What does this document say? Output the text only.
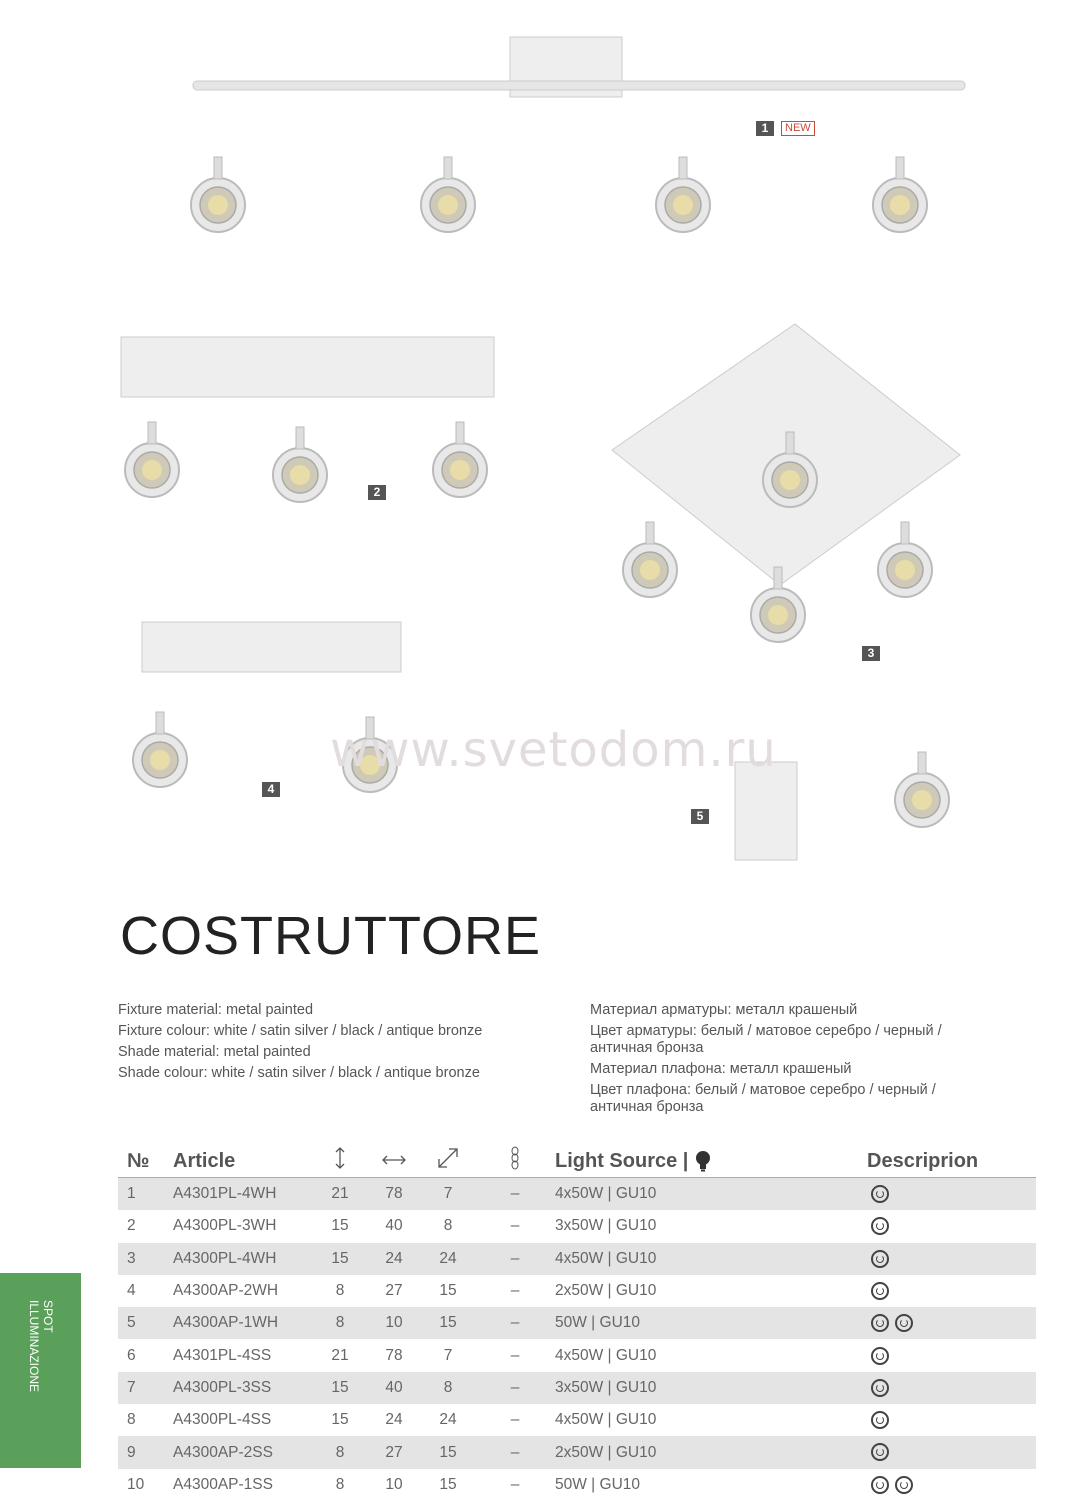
1	NEW
2
3
4
5
www.svetodom.ru
COSTRUTTORE
Fixture material: metal painted
Fixture colour: white / satin silver / black / antique bronze
Shade material: metal painted
Shade colour: white / satin silver / black / antique bronze
Материал арматуры: металл крашеный
Цвет арматуры: белый / матовое серебро / черный / античная бронза
Материал плафона: металл крашеный
Цвет плафона: белый / матовое серебро / черный / античная бронза
№	Article					Light Source |	Descriprion
1	A4301PL-4WH	21	78	7	–	4x50W | GU10	
2	A4300PL-3WH	15	40	8	–	3x50W | GU10	
3	A4300PL-4WH	15	24	24	–	4x50W | GU10	
4	A4300AP-2WH	8	27	15	–	2x50W | GU10	
5	A4300AP-1WH	8	10	15	–	50W | GU10	
6	A4301PL-4SS	21	78	7	–	4x50W | GU10	
7	A4300PL-3SS	15	40	8	–	3x50W | GU10	
8	A4300PL-4SS	15	24	24	–	4x50W | GU10	
9	A4300AP-2SS	8	27	15	–	2x50W | GU10	
10	A4300AP-1SS	8	10	15	–	50W | GU10	
SPOT
ILLUMINAZIONE
